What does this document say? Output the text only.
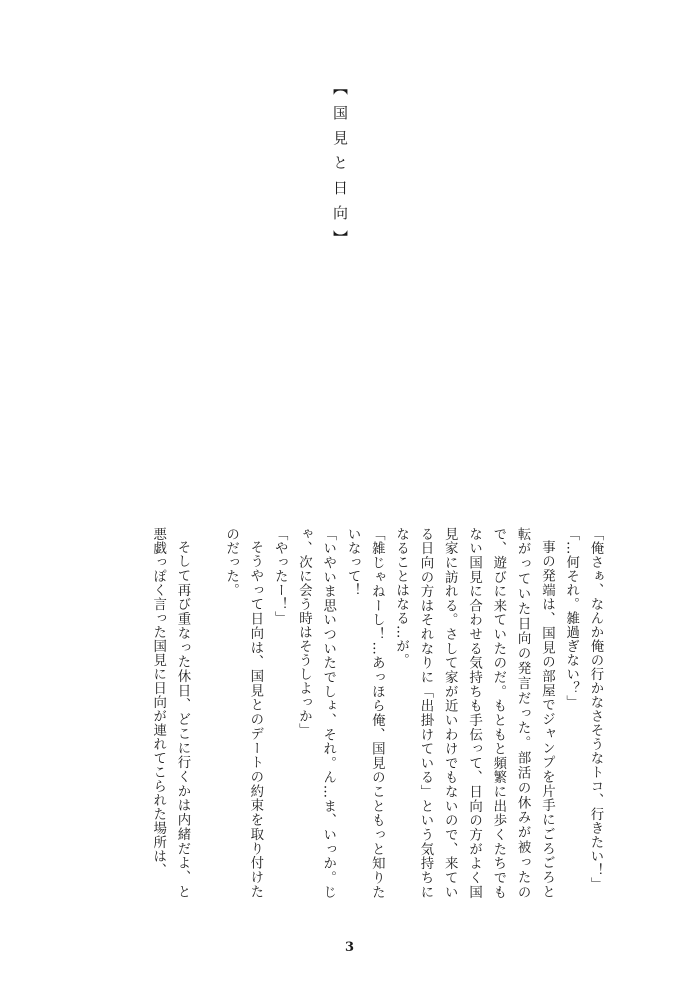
【国見と日向】

「俺さぁ、なんか俺の行かなさそうなトコ、行きたい！」

「…何それ。雑過ぎない？」

事の発端は、国見の部屋でジャンプを片手にごろごろと転がっていた日向の発言だった。部活の休みが被ったので、遊びに来ていたのだ。もともと頻繁に出歩くたちでもない国見に合わせる気持ちも手伝って、日向の方がよく国見家に訪れる。さして家が近いわけでもないので、来ている日向の方はそれなりに「出掛けている」という気持ちになることはなる…が。

「雑じゃねーし！…あっほら俺、国見のこともっと知りたいなって！

「いやいま思いついたでしょ、それ。ん…ま、いっか。じゃ、次に会う時はそうしよっか」

「やったー！」

そうやって日向は、国見とのデートの約束を取り付けたのだった。

そして再び重なった休日、どこに行くかは内緒だよ、と悪戯っぽく言った国見に日向が連れてこられた場所は、

3
